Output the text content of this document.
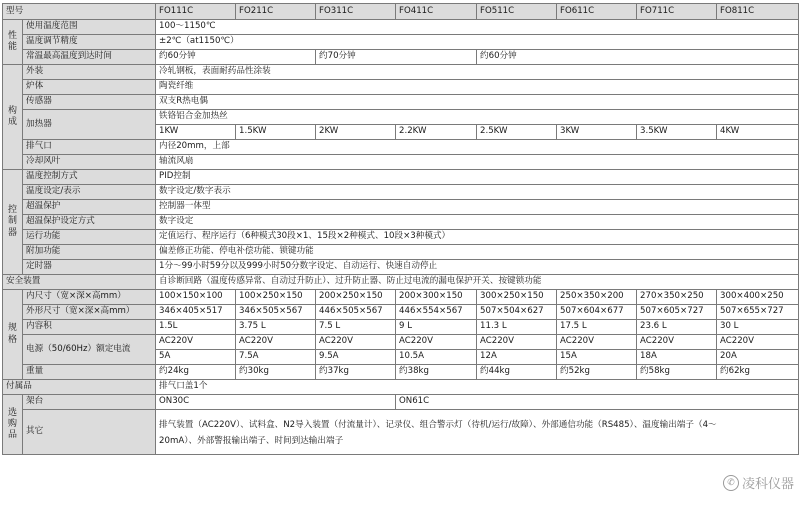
型号		FO111C	FO211C	FO311C	FO411C	FO511C	FO611C	FO711C	FO811C
性能	使用温度范围	100～1150℃							
	温度调节精度	±2℃（at1150℃）							
	常温最高温度到达时间	约60分钟		约70分钟		约60分钟			
构成	外装	冷轧钢板，表面耐药品性涂装							
	炉体	陶瓷纤维							
	传感器	双支R热电偶							
	加热器	铁铬铝合金加热丝							
		1KW	1.5KW	2KW	2.2KW	2.5KW	3KW	3.5KW	4KW
	排气口	内径20mm，上部							
	冷却风叶	轴流风扇							
控制器	温度控制方式	PID控制							
	温度设定/表示	数字设定/数字表示							
	超温保护	控制器一体型							
	超温保护设定方式	数字设定							
	运行功能	定值运行、程序运行（6种模式30段×1、15段×2种模式、10段×3种模式）							
	附加功能	偏差修正功能、停电补偿功能、锁键功能							
	定时器	1分～99小时59分以及999小时50分数字设定、自动运行、快速自动停止							
安全装置		自诊断回路（温度传感异常、自动过升防止）、过升防止器、防止过电流的漏电保护开关、按键锁功能							
规格	内尺寸（宽×深×高mm）	100×150×100	100×250×150	200×250×150	200×300×150	300×250×150	250×350×200	270×350×250	300×400×250
	外形尺寸（宽×深×高mm）	346×405×517	346×505×567	446×505×567	446×554×567	507×504×627	507×604×677	507×605×727	507×655×727
	内容积	1.5L	3.75 L	7.5 L	9 L	11.3 L	17.5 L	23.6 L	30 L
	电源（50/60Hz）额定电流	AC220V	AC220V	AC220V	AC220V	AC220V	AC220V	AC220V	AC220V
		5A	7.5A	9.5A	10.5A	12A	15A	18A	20A
	重量	约24kg	约30kg	约37kg	约38kg	约44kg	约52kg	约58kg	约62kg
付属品		排气口盖1个							
选购品	架台	ON30C			ON61C				
	其它	排气装置（AC220V）、试料盒、N2导入装置（付流量计）、记录仪、组合警示灯（待机/运行/故障）、外部通信功能（RS485）、温度输出端子（4～
20mA）、外部警报输出端子、时间到达输出端子							
✆ 凌科仪器
